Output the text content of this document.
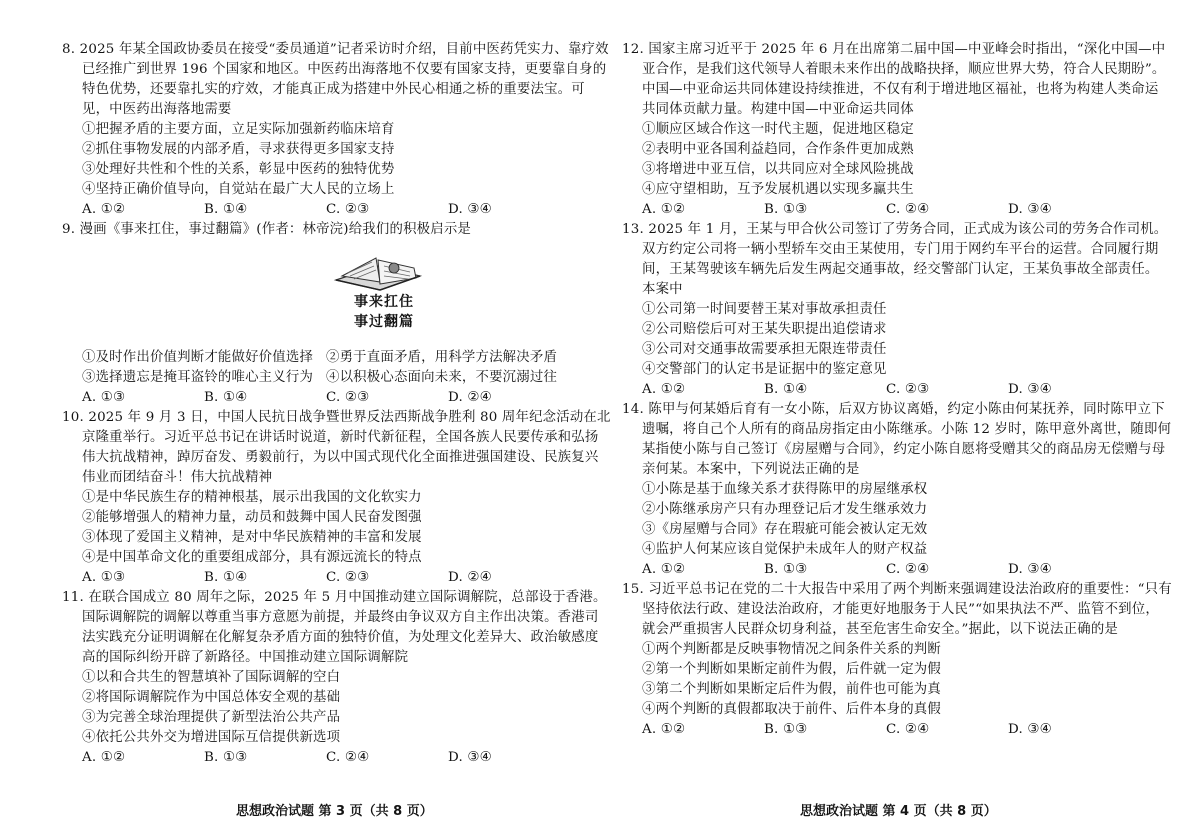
8. 2025 年某全国政协委员在接受“委员通道”记者采访时介绍，目前中医药凭实力、靠疗效已经推广到世界 196 个国家和地区。中医药出海落地不仅要有国家支持，更要靠自身的特色优势，还要靠扎实的疗效，才能真正成为搭建中外民心相通之桥的重要法宝。可见，中医药出海落地需要

①把握矛盾的主要方面，立足实际加强新药临床培育

②抓住事物发展的内部矛盾，寻求获得更多国家支持

③处理好共性和个性的关系，彰显中医药的独特优势

④坚持正确价值导向，自觉站在最广大人民的立场上

A. ①②	B. ①④	C. ②③	D. ③④

9. 漫画《事来扛住，事过翻篇》(作者：林帝浣)给我们的积极启示是

事来扛住
事过翻篇
①及时作出价值判断才能做好价值选择 ②勇于直面矛盾，用科学方法解决矛盾
③选择遗忘是掩耳盗铃的唯心主义行为 ④以积极心态面向未来，不要沉溺过往
A. ①③	B. ①④	C. ②③	D. ②④

10. 2025 年 9 月 3 日，中国人民抗日战争暨世界反法西斯战争胜利 80 周年纪念活动在北京隆重举行。习近平总书记在讲话时说道，新时代新征程，全国各族人民要传承和弘扬伟大抗战精神，踔厉奋发、勇毅前行，为以中国式现代化全面推进强国建设、民族复兴伟业而团结奋斗！伟大抗战精神

①是中华民族生存的精神根基，展示出我国的文化软实力

②能够增强人的精神力量，动员和鼓舞中国人民奋发图强

③体现了爱国主义精神，是对中华民族精神的丰富和发展

④是中国革命文化的重要组成部分，具有源远流长的特点

A. ①③	B. ①④	C. ②③	D. ②④

11. 在联合国成立 80 周年之际，2025 年 5 月中国推动建立国际调解院，总部设于香港。国际调解院的调解以尊重当事方意愿为前提，并最终由争议双方自主作出决策。香港司法实践充分证明调解在化解复杂矛盾方面的独特价值，为处理文化差异大、政治敏感度高的国际纠纷开辟了新路径。中国推动建立国际调解院

①以和合共生的智慧填补了国际调解的空白

②将国际调解院作为中国总体安全观的基础

③为完善全球治理提供了新型法治公共产品

④依托公共外交为增进国际互信提供新选项

A. ①②	B. ①③	C. ②④	D. ③④

12. 国家主席习近平于 2025 年 6 月在出席第二届中国—中亚峰会时指出，“深化中国—中亚合作，是我们这代领导人着眼未来作出的战略抉择，顺应世界大势，符合人民期盼”。中国—中亚命运共同体建设持续推进，不仅有利于增进地区福祉，也将为构建人类命运共同体贡献力量。构建中国—中亚命运共同体

①顺应区域合作这一时代主题，促进地区稳定

②表明中亚各国利益趋同，合作条件更加成熟

③将增进中亚互信，以共同应对全球风险挑战

④应守望相助，互予发展机遇以实现多赢共生

A. ①②	B. ①③	C. ②④	D. ③④

13. 2025 年 1 月，王某与甲合伙公司签订了劳务合同，正式成为该公司的劳务合作司机。双方约定公司将一辆小型轿车交由王某使用，专门用于网约车平台的运营。合同履行期间，王某驾驶该车辆先后发生两起交通事故，经交警部门认定，王某负事故全部责任。本案中

①公司第一时间要替王某对事故承担责任

②公司赔偿后可对王某失职提出追偿请求

③公司对交通事故需要承担无限连带责任

④交警部门的认定书是证据中的鉴定意见

A. ①②	B. ①④	C. ②③	D. ③④

14. 陈甲与何某婚后育有一女小陈，后双方协议离婚，约定小陈由何某抚养，同时陈甲立下遗嘱，将自己个人所有的商品房指定由小陈继承。小陈 12 岁时，陈甲意外离世，随即何某指使小陈与自己签订《房屋赠与合同》，约定小陈自愿将受赠其父的商品房无偿赠与母亲何某。本案中，下列说法正确的是

①小陈是基于血缘关系才获得陈甲的房屋继承权

②小陈继承房产只有办理登记后才发生继承效力

③《房屋赠与合同》存在瑕疵可能会被认定无效

④监护人何某应该自觉保护未成年人的财产权益

A. ①②	B. ①③	C. ②④	D. ③④

15. 习近平总书记在党的二十大报告中采用了两个判断来强调建设法治政府的重要性：“只有坚持依法行政、建设法治政府，才能更好地服务于人民”“如果执法不严、监管不到位，就会严重损害人民群众切身利益，甚至危害生命安全。”据此，以下说法正确的是

①两个判断都是反映事物情况之间条件关系的判断

②第一个判断如果断定前件为假，后件就一定为假

③第二个判断如果断定后件为假，前件也可能为真

④两个判断的真假都取决于前件、后件本身的真假

A. ①②	B. ①③	C. ②④	D. ③④
思想政治试题 第 3 页（共 8 页）	思想政治试题 第 4 页（共 8 页）
